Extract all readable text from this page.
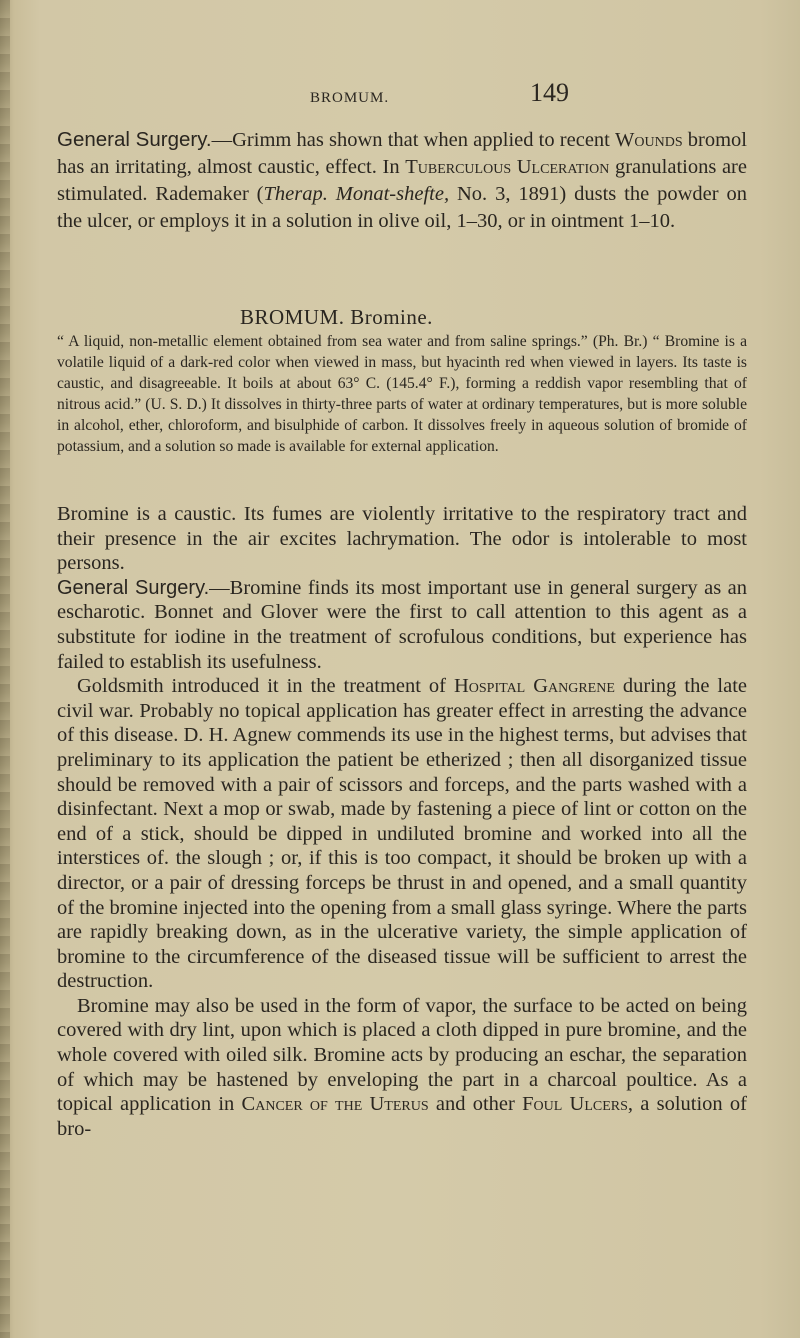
BROMUM.	149

General Surgery.—Grimm has shown that when applied to recent Wounds bromol has an irritating, almost caustic, effect. In Tuberculous Ulceration granulations are stimulated. Rademaker (Therap. Monat-shefte, No. 3, 1891) dusts the powder on the ulcer, or employs it in a solution in olive oil, 1–30, or in ointment 1–10.

BROMUM. Bromine.

“ A liquid, non-metallic element obtained from sea water and from saline springs.” (Ph. Br.) “ Bromine is a volatile liquid of a dark-red color when viewed in mass, but hyacinth red when viewed in layers. Its taste is caustic, and disagreeable. It boils at about 63° C. (145.4° F.), forming a reddish vapor resembling that of nitrous acid.” (U. S. D.) It dissolves in thirty-three parts of water at ordinary temperatures, but is more soluble in alcohol, ether, chloroform, and bisulphide of carbon. It dissolves freely in aqueous solution of bromide of potassium, and a solution so made is available for external application.

Bromine is a caustic. Its fumes are violently irritative to the respiratory tract and their presence in the air excites lachrymation. The odor is intolerable to most persons.

General Surgery.—Bromine finds its most important use in general surgery as an escharotic. Bonnet and Glover were the first to call attention to this agent as a substitute for iodine in the treatment of scrofulous conditions, but experience has failed to establish its usefulness.

Goldsmith introduced it in the treatment of Hospital Gangrene during the late civil war. Probably no topical application has greater effect in arresting the advance of this disease. D. H. Agnew commends its use in the highest terms, but advises that preliminary to its application the patient be etherized ; then all disorganized tissue should be removed with a pair of scissors and forceps, and the parts washed with a disinfectant. Next a mop or swab, made by fastening a piece of lint or cotton on the end of a stick, should be dipped in undiluted bromine and worked into all the interstices of. the slough ; or, if this is too compact, it should be broken up with a director, or a pair of dressing forceps be thrust in and opened, and a small quantity of the bromine injected into the opening from a small glass syringe. Where the parts are rapidly breaking down, as in the ulcerative variety, the simple application of bromine to the circumference of the diseased tissue will be sufficient to arrest the destruction.

Bromine may also be used in the form of vapor, the surface to be acted on being covered with dry lint, upon which is placed a cloth dipped in pure bromine, and the whole covered with oiled silk. Bromine acts by producing an eschar, the separation of which may be hastened by enveloping the part in a charcoal poultice. As a topical application in Cancer of the Uterus and other Foul Ulcers, a solution of bro-
